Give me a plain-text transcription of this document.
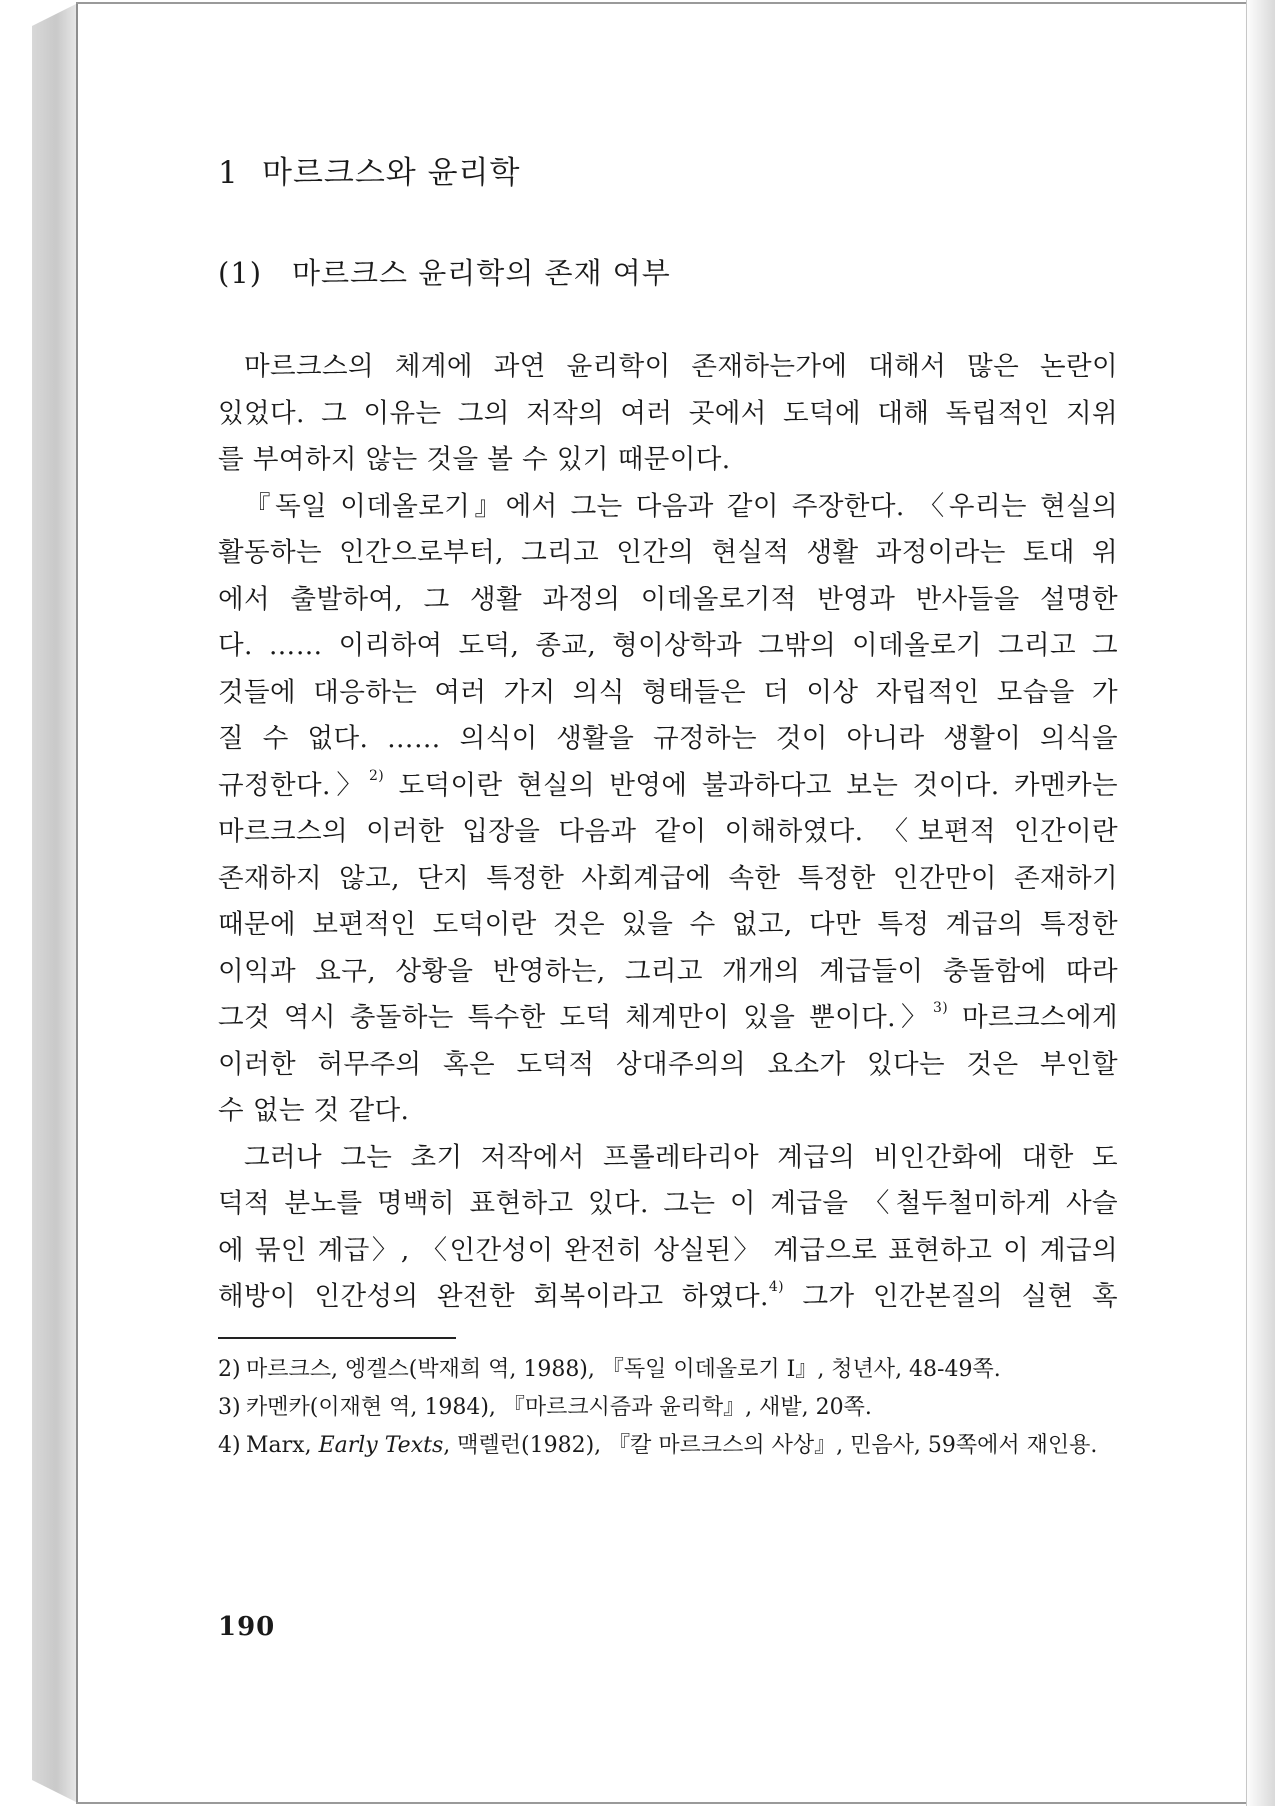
1 마르크스와 윤리학
(1) 마르크스 윤리학의 존재 여부
마르크스의 체계에 과연 윤리학이 존재하는가에 대해서 많은 논란이
있었다. 그 이유는 그의 저작의 여러 곳에서 도덕에 대해 독립적인 지위
를 부여하지 않는 것을 볼 수 있기 때문이다.
『독일 이데올로기』에서 그는 다음과 같이 주장한다. 〈우리는 현실의
활동하는 인간으로부터, 그리고 인간의 현실적 생활 과정이라는 토대 위
에서 출발하여, 그 생활 과정의 이데올로기적 반영과 반사들을 설명한
다. …… 이리하여 도덕, 종교, 형이상학과 그밖의 이데올로기 그리고 그
것들에 대응하는 여러 가지 의식 형태들은 더 이상 자립적인 모습을 가
질 수 없다. …… 의식이 생활을 규정하는 것이 아니라 생활이 의식을
규정한다.〉$^{2)}$ 도덕이란 현실의 반영에 불과하다고 보는 것이다. 카멘카는
마르크스의 이러한 입장을 다음과 같이 이해하였다. 〈보편적 인간이란
존재하지 않고, 단지 특정한 사회계급에 속한 특정한 인간만이 존재하기
때문에 보편적인 도덕이란 것은 있을 수 없고, 다만 특정 계급의 특정한
이익과 요구, 상황을 반영하는, 그리고 개개의 계급들이 충돌함에 따라
그것 역시 충돌하는 특수한 도덕 체계만이 있을 뿐이다.〉$^{3)}$ 마르크스에게
이러한 허무주의 혹은 도덕적 상대주의의 요소가 있다는 것은 부인할
수 없는 것 같다.
그러나 그는 초기 저작에서 프롤레타리아 계급의 비인간화에 대한 도
덕적 분노를 명백히 표현하고 있다. 그는 이 계급을 〈철두철미하게 사슬
에 묶인 계급〉, 〈인간성이 완전히 상실된〉 계급으로 표현하고 이 계급의
해방이 인간성의 완전한 회복이라고 하였다.$^{4)}$ 그가 인간본질의 실현 혹

2) 마르크스, 엥겔스(박재희 역, 1988), 『독일 이데올로기 Ⅰ』, 청년사, 48-49쪽.

3) 카멘카(이재현 역, 1984), 『마르크시즘과 윤리학』, 새밭, 20쪽.

4) Marx, Early Texts, 맥렐런(1982), 『칼 마르크스의 사상』, 민음사, 59쪽에서 재인용.

190
